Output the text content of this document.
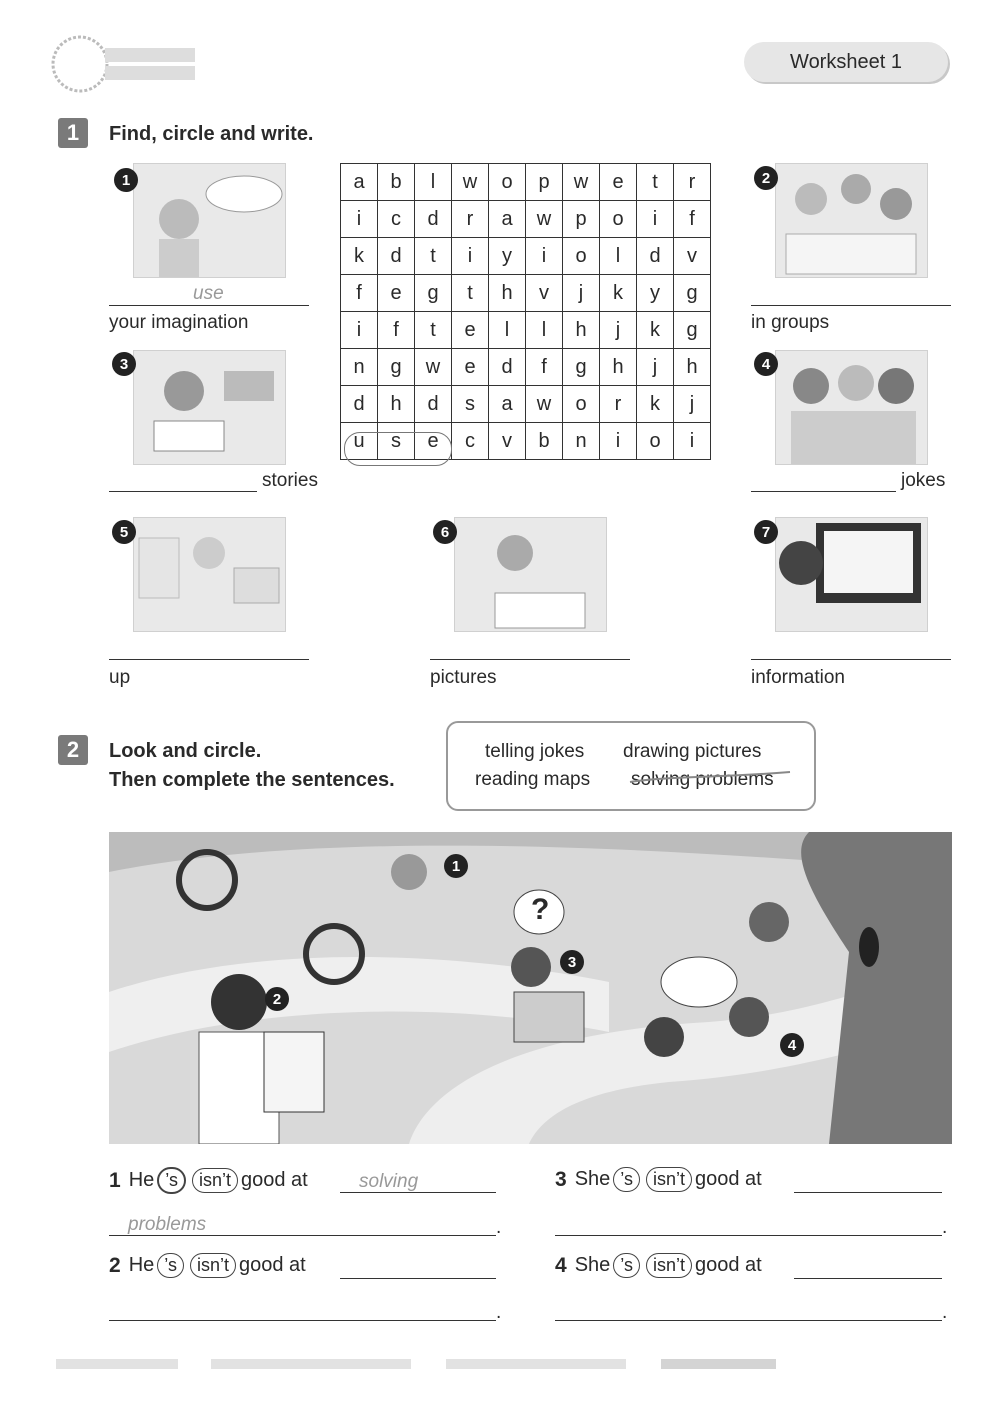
Worksheet 1
1	Find, circle and write.
1
use
your imagination
2
in groups
3
stories
4
jokes
5
up
6
pictures
7
information
a	b	l	w	o	p	w	e	t	r
i	c	d	r	a	w	p	o	i	f
k	d	t	i	y	i	o	l	d	v
f	e	g	t	h	v	j	k	y	g
i	f	t	e	l	l	h	j	k	g
n	g	w	e	d	f	g	h	j	h
d	h	d	s	a	w	o	r	k	j
u	s	e	c	v	b	n	i	o	i
2	Look and circle.
Then complete the sentences.
telling jokes drawing pictures
reading maps solving problems
1
2
3
4
?
1 He ’s	isn’t good at	solving
problems	.
2 He ’s	isn’t good at
.
3 She ’s	isn’t good at
.
4 She ’s	isn’t good at
.
